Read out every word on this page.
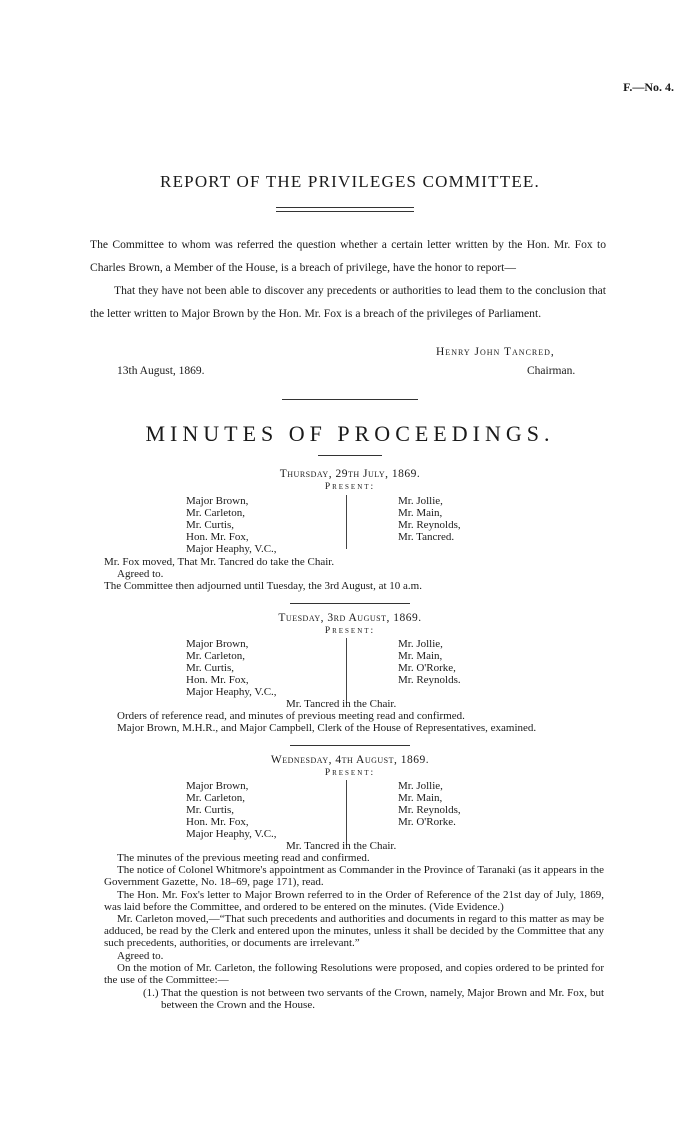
F.—No. 4.
REPORT OF THE PRIVILEGES COMMITTEE.
The Committee to whom was referred the question whether a certain letter written by the Hon. Mr. Fox to Charles Brown, a Member of the House, is a breach of privilege, have the honor to report—
That they have not been able to discover any precedents or authorities to lead them to the conclusion that the letter written to Major Brown by the Hon. Mr. Fox is a breach of the privileges of Parliament.
Henry John Tancred,
13th August, 1869.	Chairman.
MINUTES OF PROCEEDINGS.
Thursday, 29th July, 1869.
Present:
Major Brown,
Mr. Carleton,
Mr. Curtis,
Hon. Mr. Fox,
Major Heaphy, V.C.,
Mr. Jollie,
Mr. Main,
Mr. Reynolds,
Mr. Tancred.
Mr. Fox moved, That Mr. Tancred do take the Chair.
Agreed to.
The Committee then adjourned until Tuesday, the 3rd August, at 10 a.m.
Tuesday, 3rd August, 1869.
Present:
Major Brown,
Mr. Carleton,
Mr. Curtis,
Hon. Mr. Fox,
Major Heaphy, V.C.,
Mr. Jollie,
Mr. Main,
Mr. O'Rorke,
Mr. Reynolds.
Mr. Tancred in the Chair.
Orders of reference read, and minutes of previous meeting read and confirmed.
Major Brown, M.H.R., and Major Campbell, Clerk of the House of Representatives, examined.
Wednesday, 4th August, 1869.
Present:
Major Brown,
Mr. Carleton,
Mr. Curtis,
Hon. Mr. Fox,
Major Heaphy, V.C.,
Mr. Jollie,
Mr. Main,
Mr. Reynolds,
Mr. O'Rorke.
Mr. Tancred in the Chair.
The minutes of the previous meeting read and confirmed.
The notice of Colonel Whitmore's appointment as Commander in the Province of Taranaki (as it appears in the Government Gazette, No. 18–69, page 171), read.
The Hon. Mr. Fox's letter to Major Brown referred to in the Order of Reference of the 21st day of July, 1869, was laid before the Committee, and ordered to be entered on the minutes. (Vide Evidence.)
Mr. Carleton moved,—“That such precedents and authorities and documents in regard to this matter as may be adduced, be read by the Clerk and entered upon the minutes, unless it shall be decided by the Committee that any such precedents, authorities, or documents are irrelevant.”
Agreed to.
On the motion of Mr. Carleton, the following Resolutions were proposed, and copies ordered to be printed for the use of the Committee:—
(1.) That the question is not between two servants of the Crown, namely, Major Brown and Mr. Fox, but between the Crown and the House.
